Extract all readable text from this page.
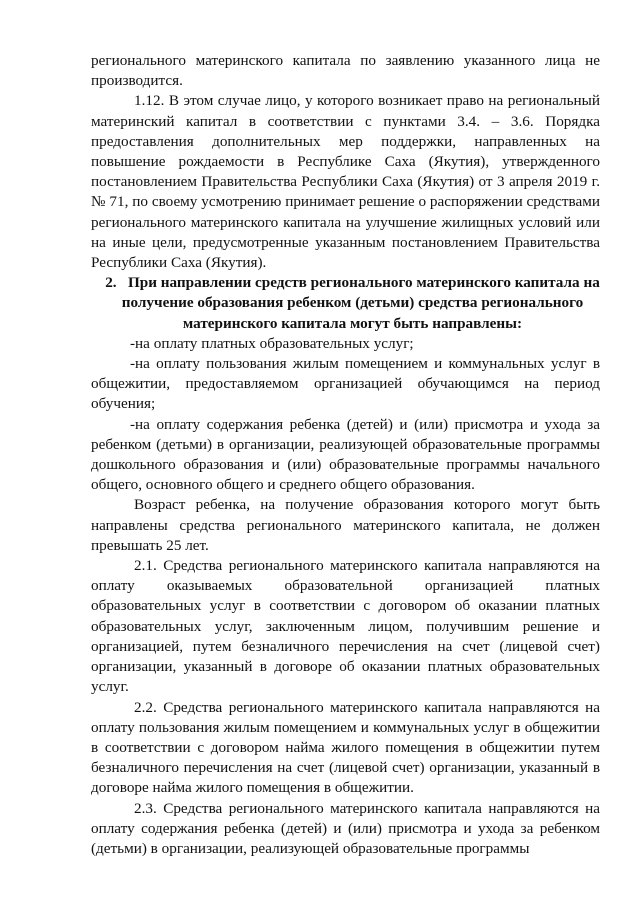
регионального материнского капитала по заявлению указанного лица не производится.

1.12. В этом случае лицо, у которого возникает право на региональный материнский капитал в соответствии с пунктами 3.4. – 3.6. Порядка предоставления дополнительных мер поддержки, направленных на повышение рождаемости в Республике Саха (Якутия), утвержденного постановлением Правительства Республики Саха (Якутия) от 3 апреля 2019 г. № 71, по своему усмотрению принимает решение о распоряжении средствами регионального материнского капитала на улучшение жилищных условий или на иные цели, предусмотренные указанным постановлением Правительства Республики Саха (Якутия).

2. При направлении средств регионального материнского капитала на получение образования ребенком (детьми) средства регионального материнского капитала могут быть направлены:

-на оплату платных образовательных услуг;

-на оплату пользования жилым помещением и коммунальных услуг в общежитии, предоставляемом организацией обучающимся на период обучения;

-на оплату содержания ребенка (детей) и (или) присмотра и ухода за ребенком (детьми) в организации, реализующей образовательные программы дошкольного образования и (или) образовательные программы начального общего, основного общего и среднего общего образования.

Возраст ребенка, на получение образования которого могут быть направлены средства регионального материнского капитала, не должен превышать 25 лет.

2.1. Средства регионального материнского капитала направляются на оплату оказываемых образовательной организацией платных образовательных услуг в соответствии с договором об оказании платных образовательных услуг, заключенным лицом, получившим решение и организацией, путем безналичного перечисления на счет (лицевой счет) организации, указанный в договоре об оказании платных образовательных услуг.

2.2. Средства регионального материнского капитала направляются на оплату пользования жилым помещением и коммунальных услуг в общежитии в соответствии с договором найма жилого помещения в общежитии путем безналичного перечисления на счет (лицевой счет) организации, указанный в договоре найма жилого помещения в общежитии.

2.3. Средства регионального материнского капитала направляются на оплату содержания ребенка (детей) и (или) присмотра и ухода за ребенком (детьми) в организации, реализующей образовательные программы
